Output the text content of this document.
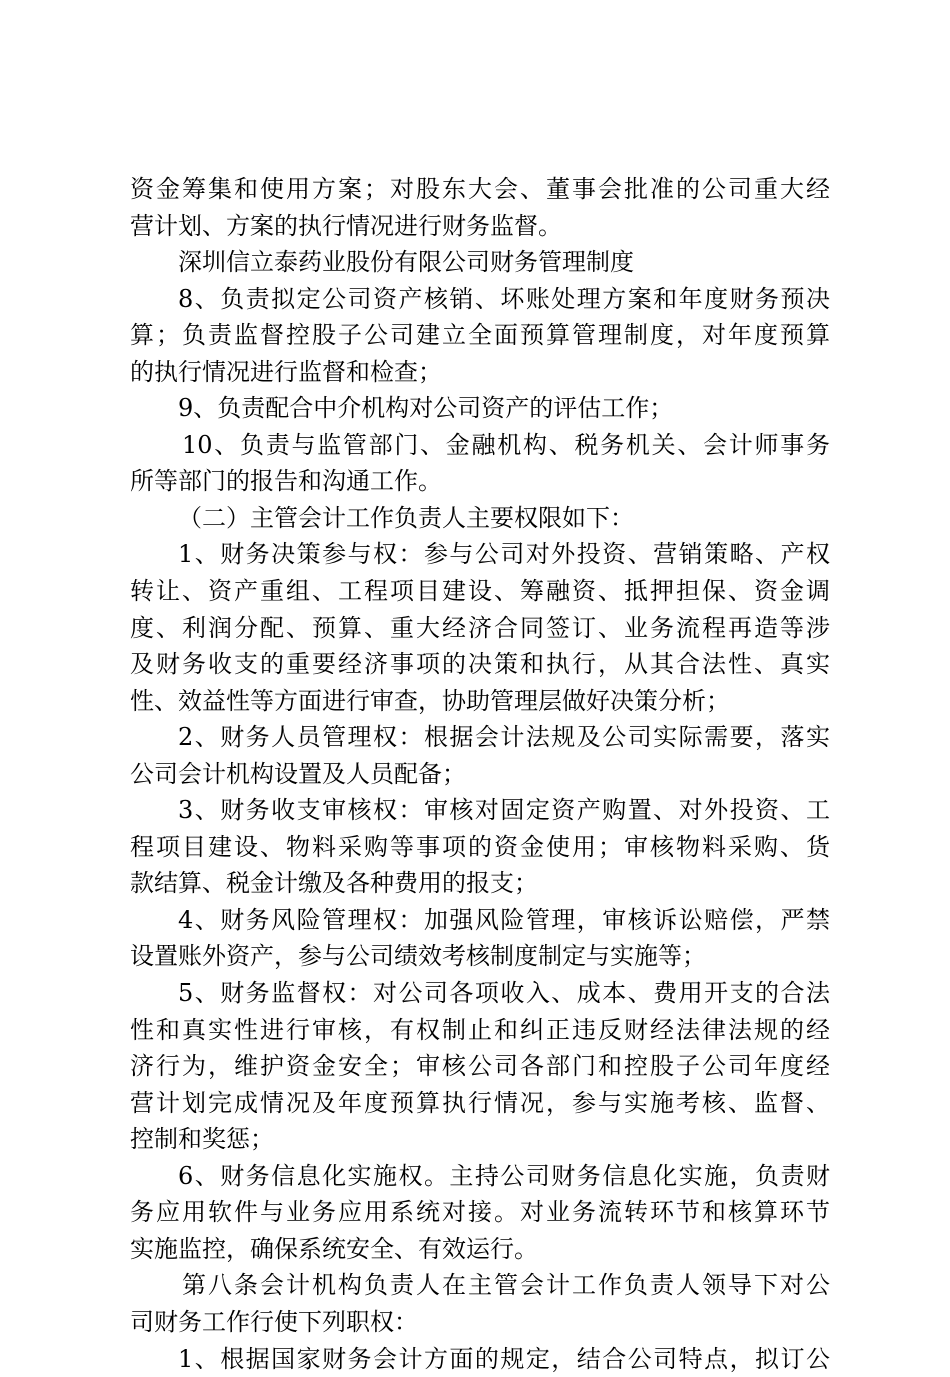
资金筹集和使用方案；对股东大会、董事会批准的公司重大经
营计划、方案的执行情况进行财务监督。
深圳信立泰药业股份有限公司财务管理制度
8、负责拟定公司资产核销、坏账处理方案和年度财务预决
算；负责监督控股子公司建立全面预算管理制度，对年度预算
的执行情况进行监督和检查；
9、负责配合中介机构对公司资产的评估工作；
10、负责与监管部门、金融机构、税务机关、会计师事务
所等部门的报告和沟通工作。
（二）主管会计工作负责人主要权限如下：
1、财务决策参与权：参与公司对外投资、营销策略、产权
转让、资产重组、工程项目建设、筹融资、抵押担保、资金调
度、利润分配、预算、重大经济合同签订、业务流程再造等涉
及财务收支的重要经济事项的决策和执行，从其合法性、真实
性、效益性等方面进行审查，协助管理层做好决策分析；
2、财务人员管理权：根据会计法规及公司实际需要，落实
公司会计机构设置及人员配备；
3、财务收支审核权：审核对固定资产购置、对外投资、工
程项目建设、物料采购等事项的资金使用；审核物料采购、货
款结算、税金计缴及各种费用的报支；
4、财务风险管理权：加强风险管理，审核诉讼赔偿，严禁
设置账外资产，参与公司绩效考核制度制定与实施等；
5、财务监督权：对公司各项收入、成本、费用开支的合法
性和真实性进行审核，有权制止和纠正违反财经法律法规的经
济行为，维护资金安全；审核公司各部门和控股子公司年度经
营计划完成情况及年度预算执行情况，参与实施考核、监督、
控制和奖惩；
6、财务信息化实施权。主持公司财务信息化实施，负责财
务应用软件与业务应用系统对接。对业务流转环节和核算环节
实施监控，确保系统安全、有效运行。
第八条会计机构负责人在主管会计工作负责人领导下对公
司财务工作行使下列职权：
1、根据国家财务会计方面的规定，结合公司特点，拟订公
